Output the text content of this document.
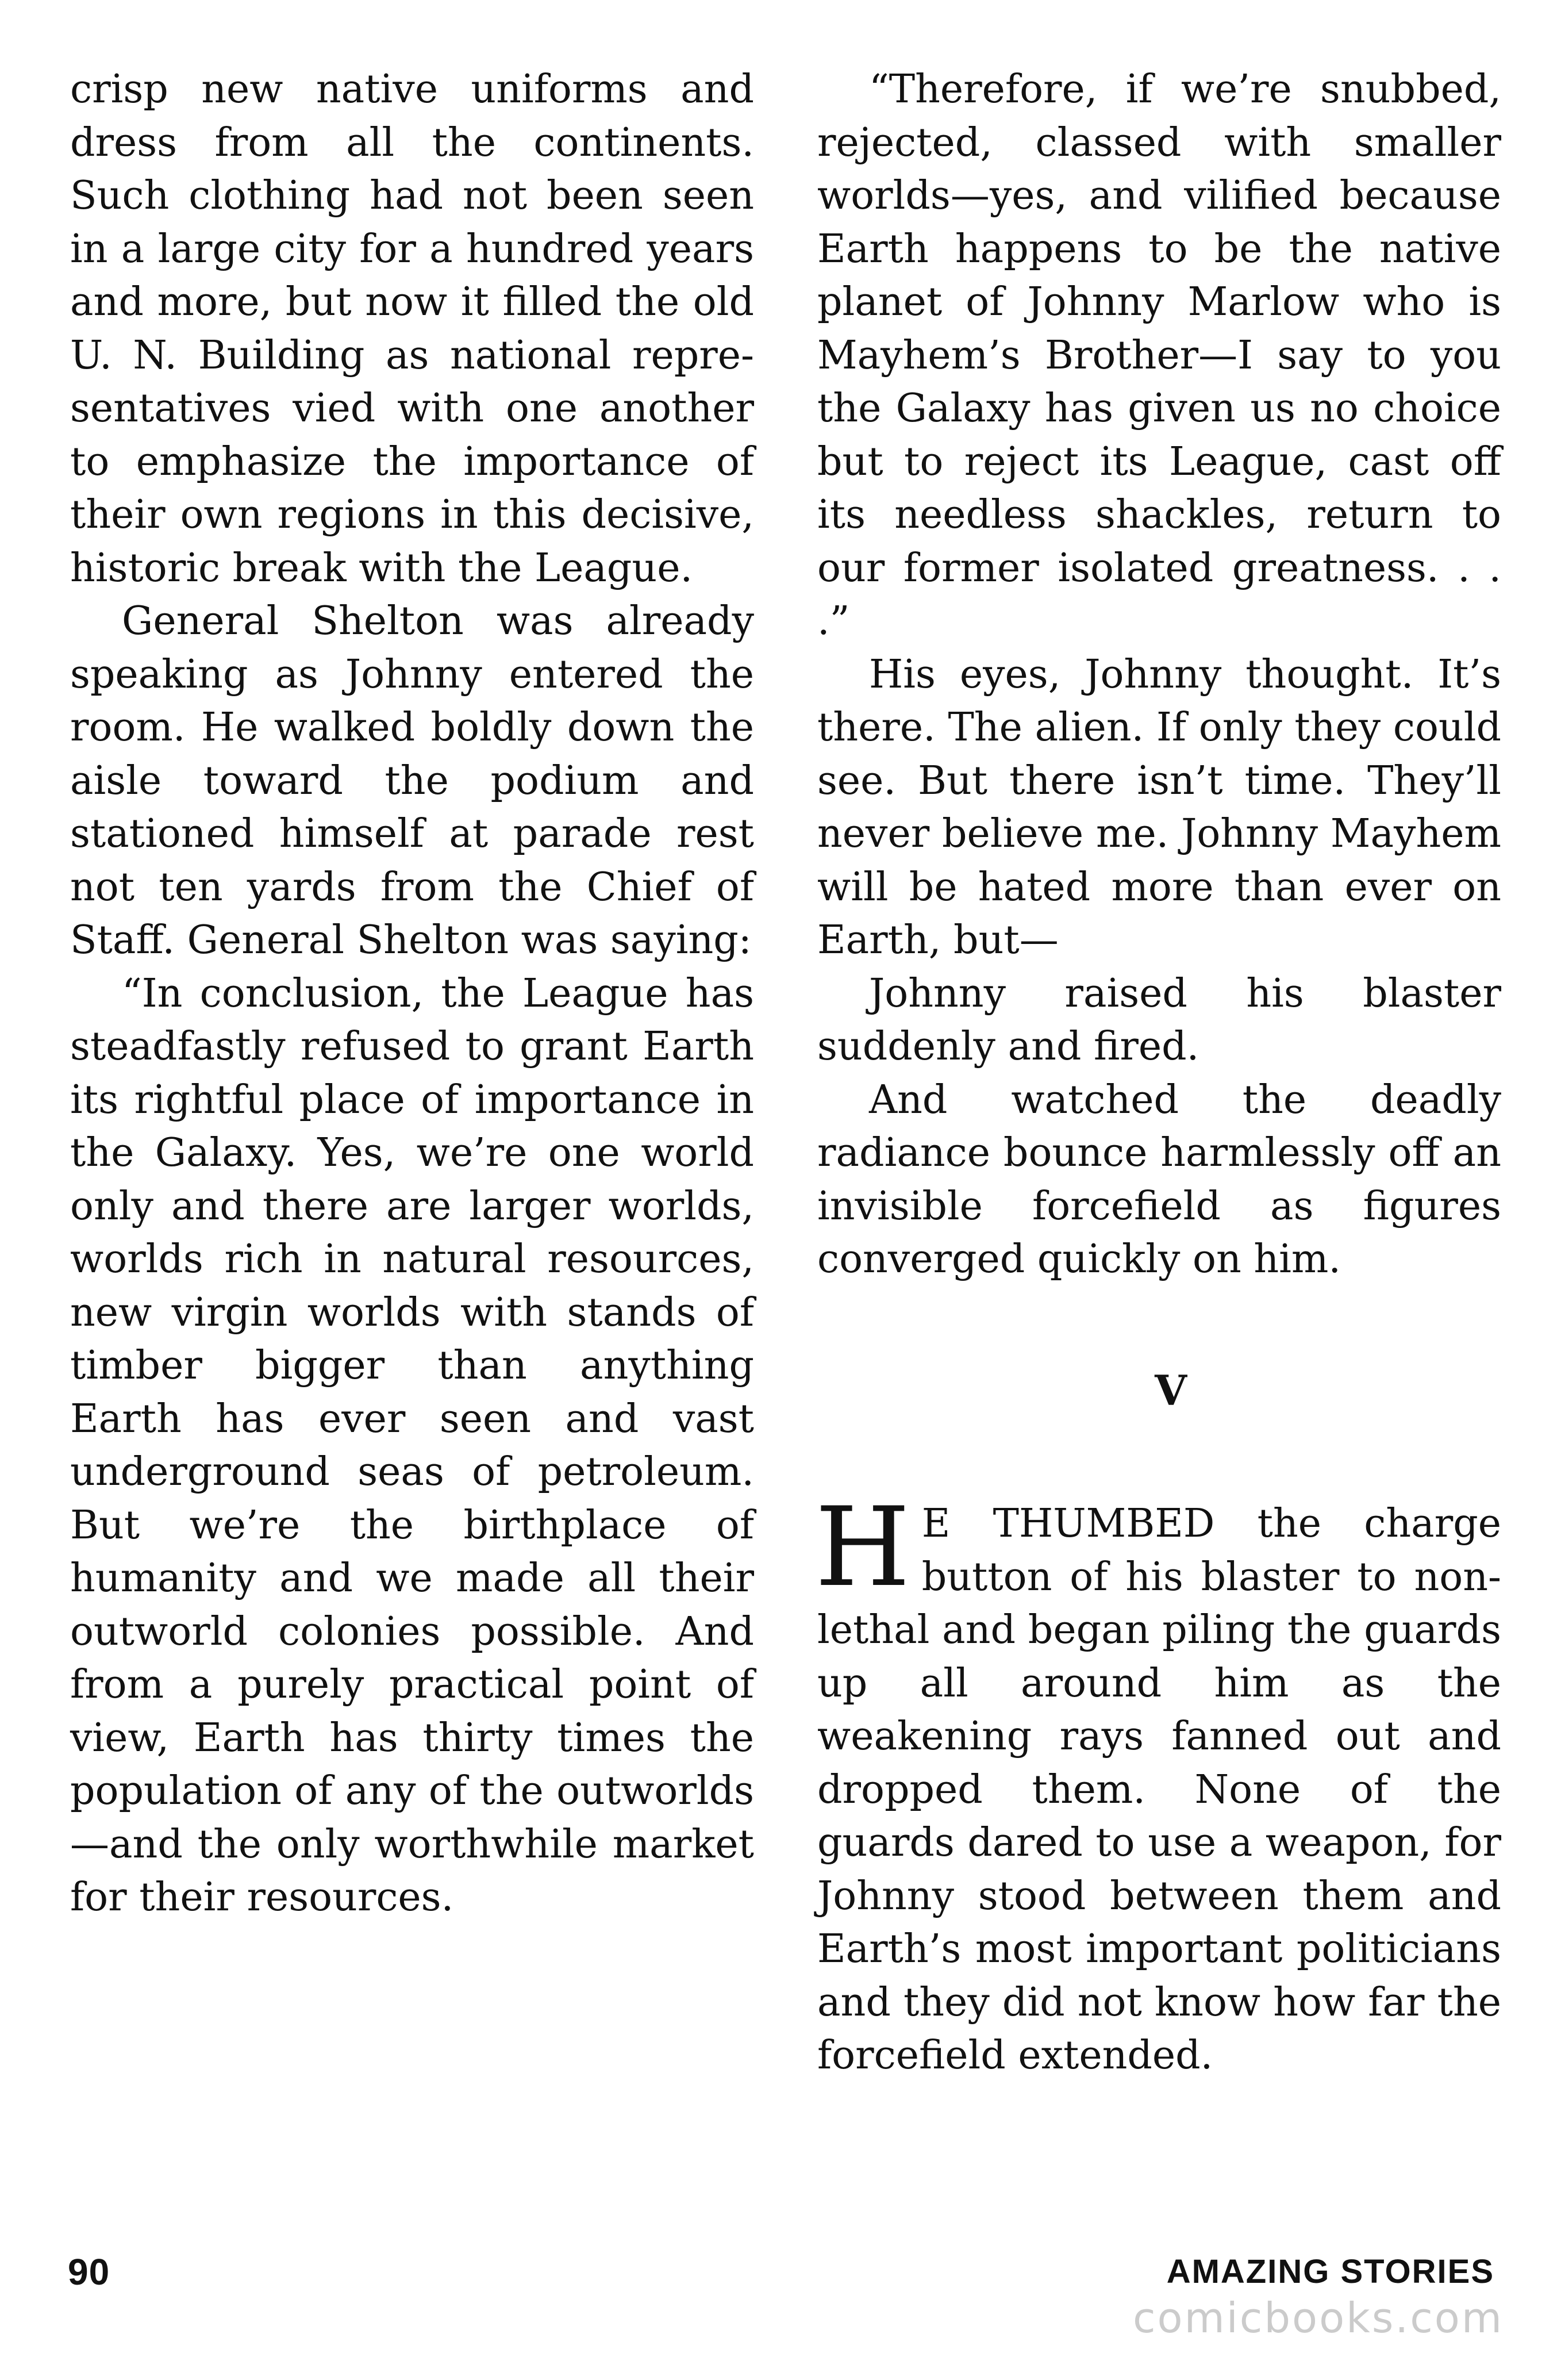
crisp new native uniforms and dress from all the continents. Such clothing had not been seen in a large city for a hundred years and more, but now it filled the old U. N. Building as national representatives vied with one another to emphasize the importance of their own regions in this decisive, historic break with the League.

General Shelton was already speaking as Johnny entered the room. He walked boldly down the aisle toward the podium and stationed himself at parade rest not ten yards from the Chief of Staff. General Shelton was saying:

“In conclusion, the League has steadfastly refused to grant Earth its rightful place of importance in the Galaxy. Yes, we’re one world only and there are larger worlds, worlds rich in natural resources, new virgin worlds with stands of timber bigger than anything Earth has ever seen and vast underground seas of petroleum. But we’re the birthplace of humanity and we made all their outworld colonies possible. And from a purely practical point of view, Earth has thirty times the population of any of the outworlds—and the only worthwhile market for their resources.

“Therefore, if we’re snubbed, rejected, classed with smaller worlds—yes, and vilified because Earth happens to be the native planet of Johnny Marlow who is Mayhem’s Brother—I say to you the Galaxy has given us no choice but to reject its League, cast off its needless shackles, return to our former isolated greatness. . . .”

His eyes, Johnny thought. It’s there. The alien. If only they could see. But there isn’t time. They’ll never believe me. Johnny Mayhem will be hated more than ever on Earth, but—

Johnny raised his blaster suddenly and fired.

And watched the deadly radiance bounce harmlessly off an invisible forcefield as figures converged quickly on him.

V

H E THUMBED the charge button of his blaster to non-lethal and began piling the guards up all around him as the weakening rays fanned out and dropped them. None of the guards dared to use a weapon, for Johnny stood between them and Earth’s most important politicians and they did not know how far the forcefield extended.

90	AMAZING STORIES
comicbooks.com
